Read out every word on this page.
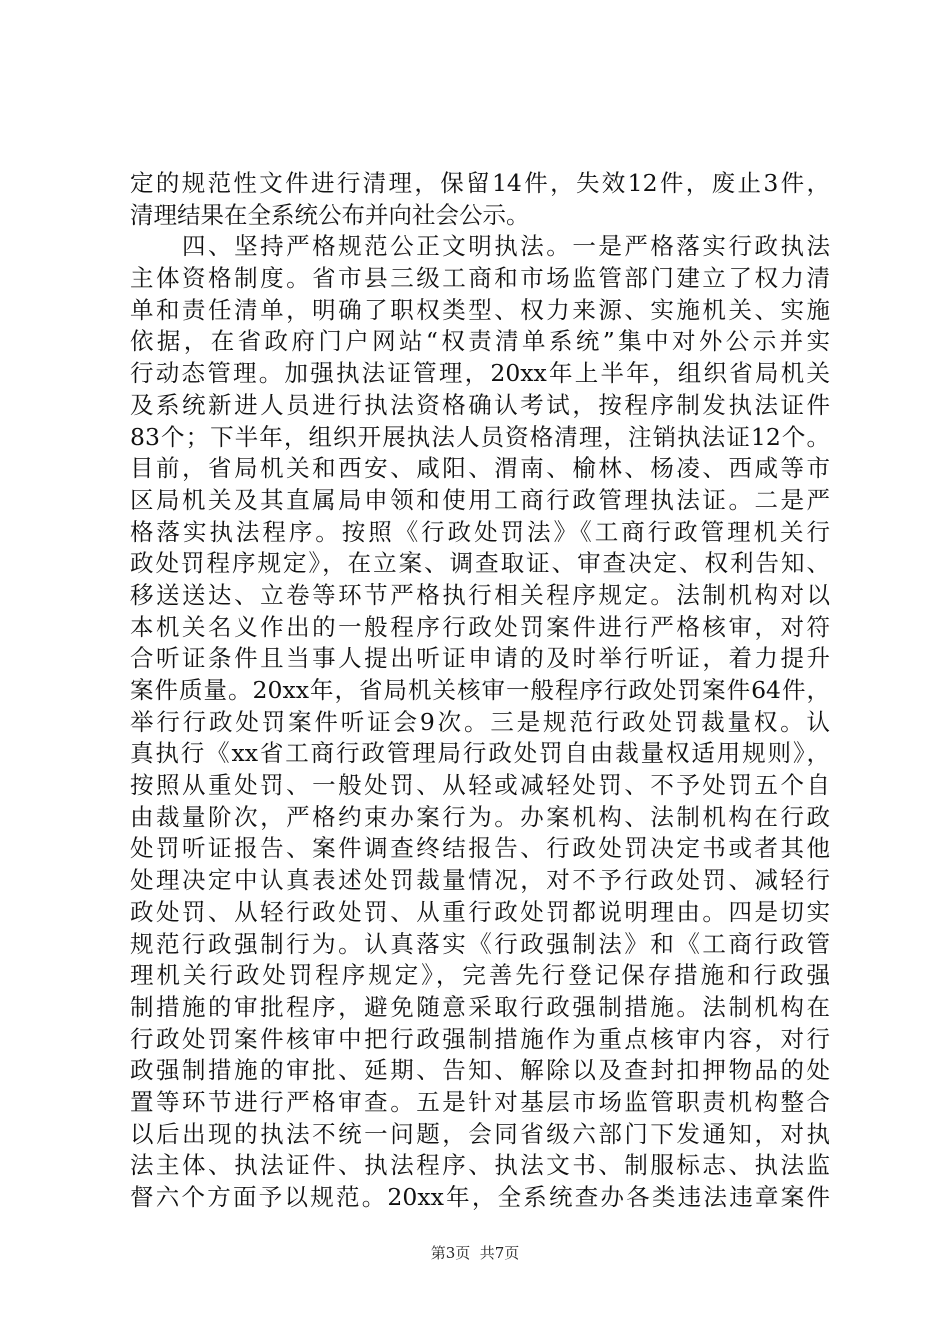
定的规范性文件进行清理，保留14件，失效12件，废止3件，
清理结果在全系统公布并向社会公示。
　　四、坚持严格规范公正文明执法。一是严格落实行政执法
主体资格制度。省市县三级工商和市场监管部门建立了权力清
单和责任清单，明确了职权类型、权力来源、实施机关、实施
依据，在省政府门户网站“权责清单系统”集中对外公示并实
行动态管理。加强执法证管理，20xx年上半年，组织省局机关
及系统新进人员进行执法资格确认考试，按程序制发执法证件
83个；下半年，组织开展执法人员资格清理，注销执法证12个。
目前，省局机关和西安、咸阳、渭南、榆林、杨凌、西咸等市
区局机关及其直属局申领和使用工商行政管理执法证。二是严
格落实执法程序。按照《行政处罚法》《工商行政管理机关行
政处罚程序规定》，在立案、调查取证、审查决定、权利告知、
移送送达、立卷等环节严格执行相关程序规定。法制机构对以
本机关名义作出的一般程序行政处罚案件进行严格核审，对符
合听证条件且当事人提出听证申请的及时举行听证，着力提升
案件质量。20xx年，省局机关核审一般程序行政处罚案件64件，
举行行政处罚案件听证会9次。三是规范行政处罚裁量权。认
真执行《xx省工商行政管理局行政处罚自由裁量权适用规则》，
按照从重处罚、一般处罚、从轻或减轻处罚、不予处罚五个自
由裁量阶次，严格约束办案行为。办案机构、法制机构在行政
处罚听证报告、案件调查终结报告、行政处罚决定书或者其他
处理决定中认真表述处罚裁量情况，对不予行政处罚、减轻行
政处罚、从轻行政处罚、从重行政处罚都说明理由。四是切实
规范行政强制行为。认真落实《行政强制法》和《工商行政管
理机关行政处罚程序规定》，完善先行登记保存措施和行政强
制措施的审批程序，避免随意采取行政强制措施。法制机构在
行政处罚案件核审中把行政强制措施作为重点核审内容，对行
政强制措施的审批、延期、告知、解除以及查封扣押物品的处
置等环节进行严格审查。五是针对基层市场监管职责机构整合
以后出现的执法不统一问题，会同省级六部门下发通知，对执
法主体、执法证件、执法程序、执法文书、制服标志、执法监
督六个方面予以规范。20xx年，全系统查办各类违法违章案件
第3页  共7页
